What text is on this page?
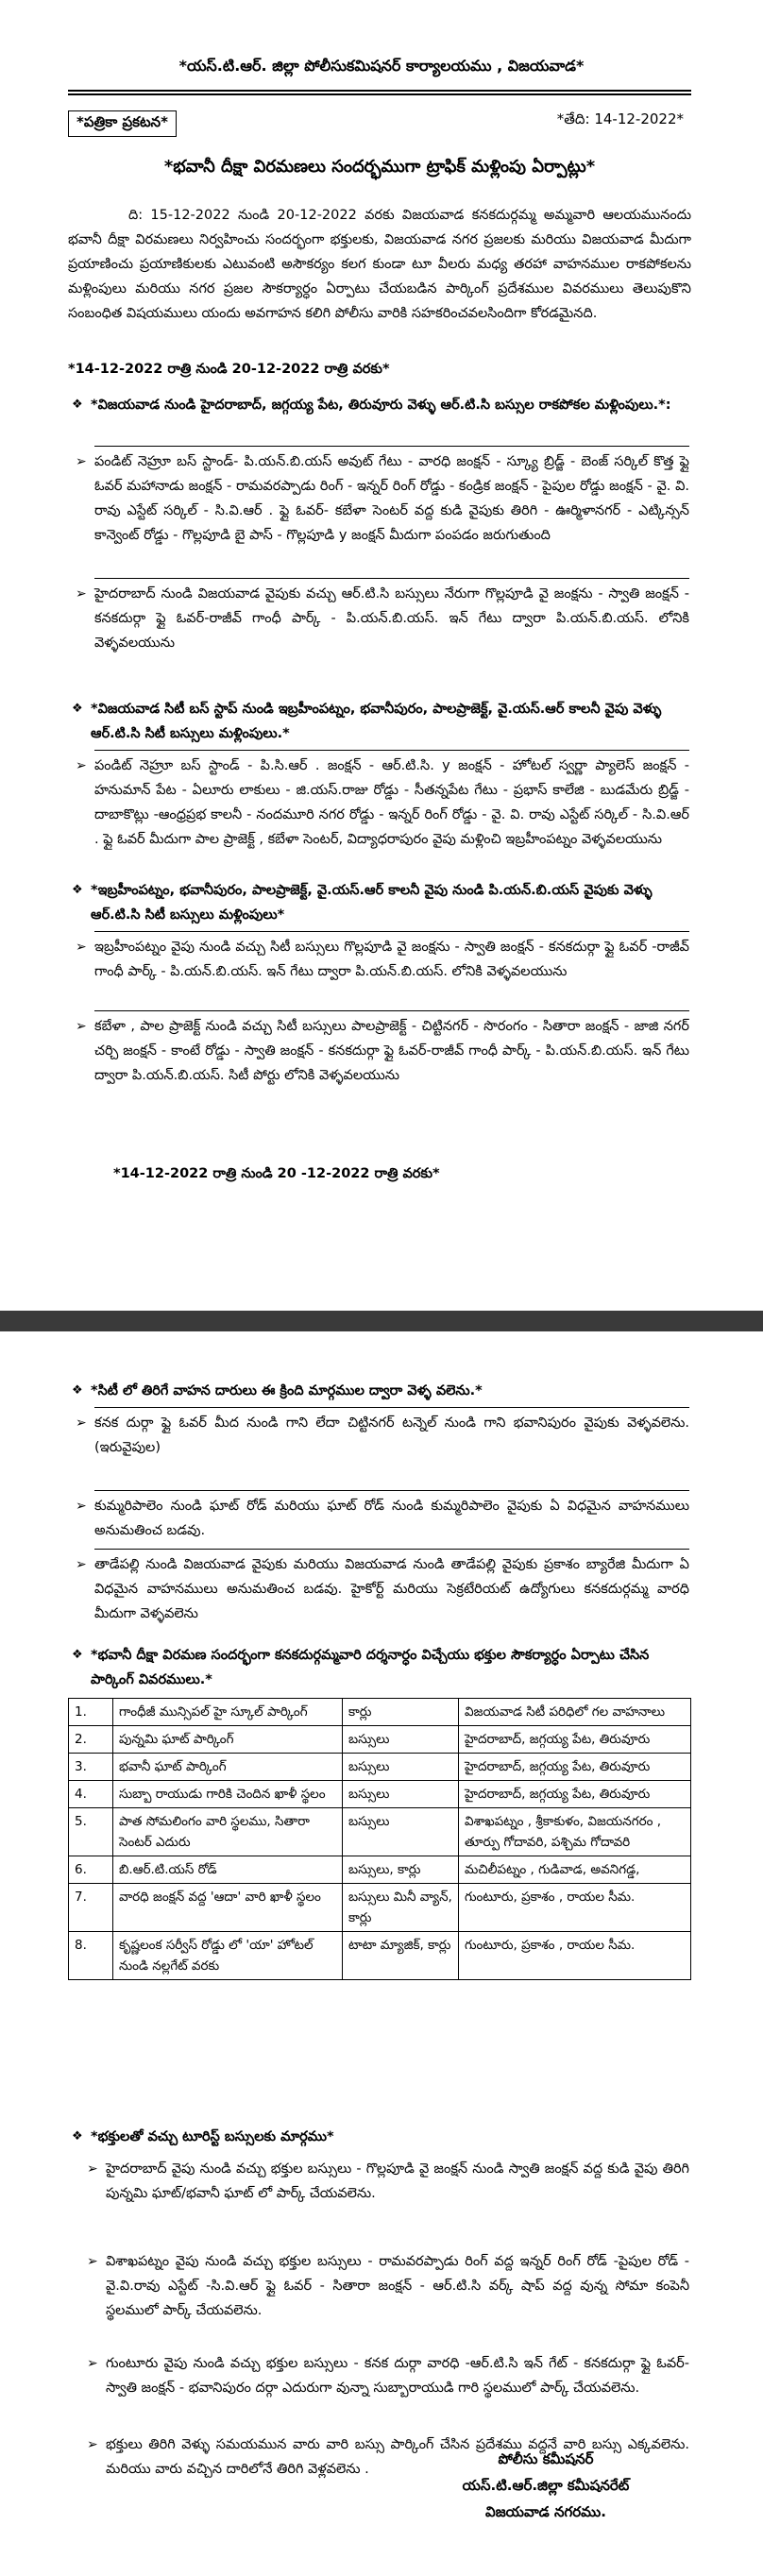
*యస్.టి.ఆర్. జిల్లా పోలీసుకమిషనర్ కార్యాలయము , విజయవాడ*
*పత్రికా ప్రకటన*	*తేది: 14-12-2022*
*భవానీ దీక్షా విరమణలు సందర్భముగా ట్రాఫిక్ మళ్లింపు ఏర్పాట్లు*
ది: 15-12-2022 నుండి 20-12-2022 వరకు విజయవాడ కనకదుర్గమ్మ అమ్మవారి ఆలయమునందు భవానీ దీక్షా విరమణలు నిర్వహించు సందర్భంగా భక్తులకు, విజయవాడ నగర ప్రజలకు మరియు విజయవాడ మీదుగా ప్రయాణించు ప్రయాణికులకు ఎటువంటి అసౌకర్యం కలగ కుండా టూ వీలరు మధ్య తరహా వాహనముల రాకపోకలను మళ్లింపులు మరియు నగర ప్రజల సౌకర్యార్ధం ఏర్పాటు చేయబడిన పార్కింగ్ ప్రదేశముల వివరములు తెలుపుకొని సంబంధిత విషయములు యందు అవగాహన కలిగి పోలీసు వారికి సహకరించవలసిందిగా కోరడమైనది.
*14-12-2022 రాత్రి నుండి 20-12-2022 రాత్రి వరకు*
❖ *విజయవాడ నుండి హైదరాబాద్, జగ్గయ్య పేట, తిరువూరు వెళ్ళు ఆర్.టి.సి బస్సుల రాకపోకల మళ్లింపులు.*:
➢ పండిట్ నెహ్రూ బస్ స్టాండ్- పి.యన్.బి.యస్ అవుట్ గేటు - వారధి జంక్షన్ - స్క్యూ బ్రిడ్జ్ - బెంజ్ సర్కిల్ కొత్త ఫ్లై ఓవర్ మహానాడు జంక్షన్ - రామవరప్పాడు రింగ్ - ఇన్నర్ రింగ్ రోడ్డు - కండ్రిక జంక్షన్ - పైపుల రోడ్డు జంక్షన్ - వై. వి. రావు ఎస్టేట్ సర్కిల్ - సి.వి.ఆర్ . ఫ్లై ఓవర్- కబేళా సెంటర్ వద్ద కుడి వైపుకు తిరిగి - ఊర్మిళానగర్ - ఎట్కిన్సన్ కాన్వెంట్ రోడ్డు - గొల్లపూడి బై పాస్ - గొల్లపూడి y జంక్షన్ మీదుగా పంపడం జరుగుతుంది
➢ హైదరాబాద్ నుండి విజయవాడ వైపుకు వచ్చు ఆర్.టి.సి బస్సులు నేరుగా గొల్లపూడి వై జంక్షను - స్వాతి జంక్షన్ - కనకదుర్గా ఫ్లై ఓవర్-రాజీవ్ గాంధీ పార్క్ - పి.యన్.బి.యస్. ఇన్ గేటు ద్వారా పి.యన్.బి.యస్. లోనికి వెళ్ళవలయును
❖ *విజయవాడ సిటీ బస్ స్టాప్ నుండి ఇబ్రహీంపట్నం, భవానీపురం, పాలప్రాజెక్ట్, వై.యస్.ఆర్ కాలనీ వైపు వెళ్ళు ఆర్.టి.సి సిటీ బస్సులు మళ్లింపులు.*
➢ పండిట్ నెహ్రూ బస్ స్టాండ్ - పి.సి.ఆర్ . జంక్షన్ - ఆర్.టి.సి. y జంక్షన్ - హోటల్ స్వర్ణా ప్యాలెస్ జంక్షన్ - హనుమాన్ పేట - ఏలూరు లాకులు - జి.యస్.రాజు రోడ్డు - సీతన్నపేట గేటు - ప్రభాస్ కాలేజి - బుడమేరు బ్రిడ్జ్ - దాబాకొట్లు -ఆంధ్రప్రభ కాలనీ - నందమూరి నగర రోడ్డు - ఇన్నర్ రింగ్ రోడ్డు - వై. వి. రావు ఎస్టేట్ సర్కిల్ - సి.వి.ఆర్ . ఫ్లై ఓవర్ మీదుగా పాల ప్రాజెక్ట్ , కబేళా సెంటర్, విద్యాధరాపురం వైపు మళ్లించి ఇబ్రహీంపట్నం వెళ్ళవలయును
❖ *ఇబ్రహీంపట్నం, భవానీపురం, పాలప్రాజెక్ట్, వై.యస్.ఆర్ కాలనీ వైపు నుండి పి.యన్.బి.యస్ వైపుకు వెళ్ళు ఆర్.టి.సి సిటీ బస్సులు మళ్లింపులు*
➢ ఇబ్రహీంపట్నం వైపు నుండి వచ్చు సిటీ బస్సులు గొల్లపూడి వై జంక్షను - స్వాతి జంక్షన్ - కనకదుర్గా ఫ్లై ఓవర్ -రాజీవ్ గాంధీ పార్క్ - పి.యన్.బి.యస్. ఇన్ గేటు ద్వారా పి.యన్.బి.యస్. లోనికి వెళ్ళవలయును
➢ కబేళా , పాల ప్రాజెక్ట్ నుండి వచ్చు సిటీ బస్సులు పాలప్రాజెక్ట్ - చిట్టినగర్ - సొరంగం - సితారా జంక్షన్ - జాజి నగర్ చర్చి జంక్షన్ - కాంటే రోడ్డు - స్వాతి జంక్షన్ - కనకదుర్గా ఫ్లై ఓవర్-రాజీవ్ గాంధీ పార్క్ - పి.యన్.బి.యస్. ఇన్ గేటు ద్వారా పి.యన్.బి.యస్. సిటీ పోర్టు లోనికి వెళ్ళవలయును
*14-12-2022 రాత్రి నుండి 20 -12-2022 రాత్రి వరకు*
❖ *సిటీ లో తిరిగే వాహన దారులు ఈ క్రింది మార్గముల ద్వారా వెళ్ళ వలెను.*
➢ కనక దుర్గా ఫ్లై ఓవర్ మీద నుండి గాని లేదా చిట్టినగర్ టన్నెల్ నుండి గాని భవానిపురం వైపుకు వెళ్ళవలెను. (ఇరువైపుల)
➢ కుమ్మరిపాలెం నుండి ఘాట్ రోడ్ మరియు ఘాట్ రోడ్ నుండి కుమ్మరిపాలెం వైపుకు ఏ విధమైన వాహనములు అనుమతించ బడవు.
➢ తాడేపల్లి నుండి విజయవాడ వైపుకు మరియు విజయవాడ నుండి తాడేపల్లి వైపుకు ప్రకాశం బ్యారేజి మీదుగా ఏ విధమైన వాహనములు అనుమతించ బడవు. హైకోర్ట్ మరియు సెక్రటేరియట్ ఉద్యోగులు కనకదుర్గమ్మ వారధి మీదుగా వెళ్ళవలెను
❖ *భవానీ దీక్షా విరమణ సందర్భంగా కనకదుర్గమ్మవారి దర్శనార్ధం విచ్చేయు భక్తుల సౌకర్యార్ధం ఏర్పాటు చేసిన పార్కింగ్ వివరములు.*
1.	గాంధీజీ మున్సిపల్ హై స్కూల్ పార్కింగ్	కార్లు	విజయవాడ సిటీ పరిధిలో గల వాహనాలు
2.	పున్నమి ఘాట్ పార్కింగ్	బస్సులు	హైదరాబాద్, జగ్గయ్య పేట, తిరువూరు
3.	భవానీ ఘాట్ పార్కింగ్	బస్సులు	హైదరాబాద్, జగ్గయ్య పేట, తిరువూరు
4.	సుబ్బా రాయుడు గారికి చెందిన ఖాళీ స్థలం	బస్సులు	హైదరాబాద్, జగ్గయ్య పేట, తిరువూరు
5.	పాత సోమలింగం వారి స్థలము, సితారా సెంటర్ ఎదురు	బస్సులు	విశాఖపట్నం , శ్రీకాకుళం, విజయనగరం , తూర్పు గోదావరి, పశ్చిమ గోదావరి
6.	బి.ఆర్.టి.యస్ రోడ్	బస్సులు, కార్లు	మచిలీపట్నం , గుడివాడ, అవనిగడ్డ,
7.	వారధి జంక్షన్ వద్ద 'ఆదా' వారి ఖాళీ స్థలం	బస్సులు మినీ వ్యాన్, కార్లు	గుంటూరు, ప్రకాశం , రాయల సీమ.
8.	కృష్ణలంక సర్వీస్ రోడ్డు లో 'యా' హోటల్ నుండి నల్లగేట్ వరకు	టాటా మ్యాజిక్, కార్లు	గుంటూరు, ప్రకాశం , రాయల సీమ.
❖ *భక్తులతో వచ్చు టూరిస్ట్ బస్సులకు మార్గము*
➢ హైదరాబాద్ వైపు నుండి వచ్చు భక్తుల బస్సులు - గొల్లపూడి వై జంక్షన్ నుండి స్వాతి జంక్షన్ వద్ద కుడి వైపు తిరిగి పున్నమి ఘాట్/భవానీ ఘాట్ లో పార్క్ చేయవలెను.
➢ విశాఖపట్నం వైపు నుండి వచ్చు భక్తుల బస్సులు - రామవరప్పాడు రింగ్ వద్ద ఇన్నర్ రింగ్ రోడ్ -పైపుల రోడ్ - వై.వి.రావు ఎస్టేట్ -సి.వి.ఆర్ ఫ్లై ఓవర్ - సితారా జంక్షన్ - ఆర్.టి.సి వర్క్ షాప్ వద్ద వున్న సోమా కంపెనీ స్థలములో పార్క్ చేయవలెను.
➢ గుంటూరు వైపు నుండి వచ్చు భక్తుల బస్సులు - కనక దుర్గా వారధి -ఆర్.టి.సి ఇన్ గేట్ - కనకదుర్గా ఫ్లై ఓవర్-స్వాతి జంక్షన్ - భవానిపురం దర్గా ఎదురుగా వున్నా సుబ్బారాయుడి గారి స్థలములో పార్క్ చేయవలెను.
➢ భక్తులు తిరిగి వెళ్ళు సమయమున వారు వారి బస్సు పార్కింగ్ చేసిన ప్రదేశము వద్దనే వారి బస్సు ఎక్కవలెను. మరియు వారు వచ్చిన దారిలోనే తిరిగి వెళ్లవలెను .
పోలీసు కమీషనర్
యస్.టి.ఆర్.జిల్లా కమీషనరేట్
విజయవాడ నగరము.
